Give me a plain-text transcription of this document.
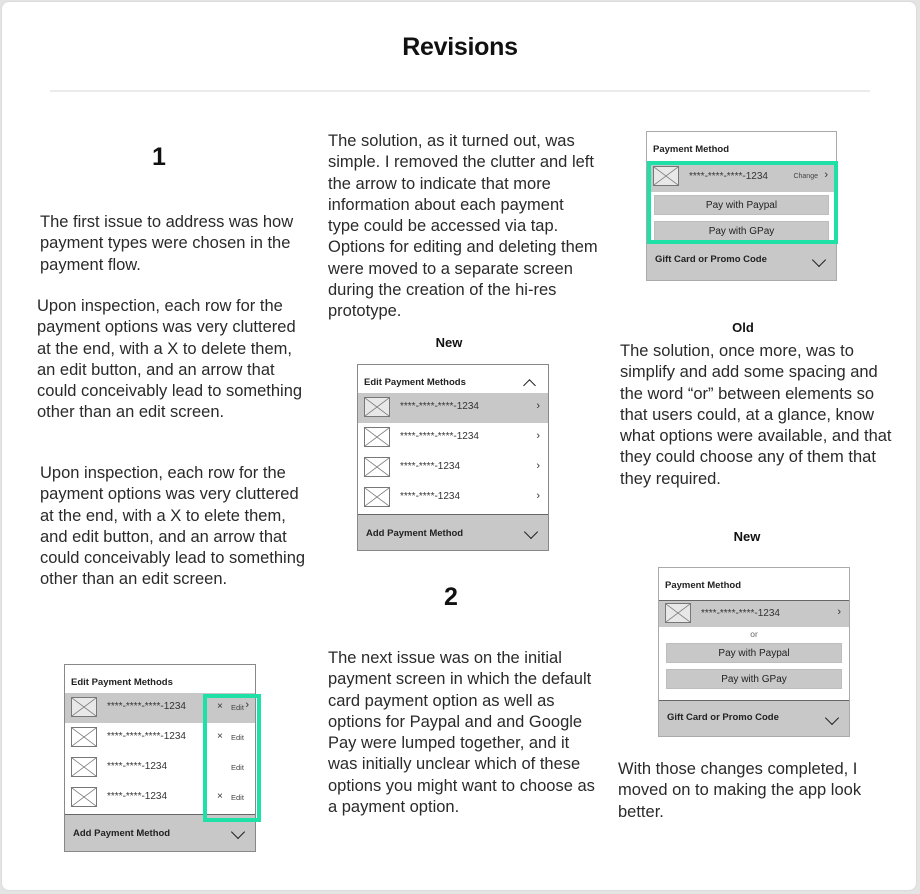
Revisions
1

The first issue to address was how payment types were chosen in the payment flow.

Upon inspection, each row for the payment options was very cluttered at the end, with a X to delete them, an edit button, and an arrow that could conceivably lead to something other than an edit screen.

Upon inspection, each row for the payment options was very cluttered at the end, with a X to elete them, and edit button, and an arrow that could conceivably lead to something other than an edit screen.

Edit Payment Methods
****-****-****-1234	× Edit ›
****-****-****-1234	× Edit
****-****-1234	Edit
****-****-1234	× Edit
Add Payment Method

The solution, as it turned out, was simple. I removed the clutter and left the arrow to indicate that more information about each payment type could be accessed via tap. Options for editing and deleting them were moved to a separate screen during the creation of the hi-res prototype.

New
Edit Payment Methods
****-****-****-1234	›
****-****-****-1234	›
****-****-1234	›
****-****-1234	›
Add Payment Method
2

The next issue was on the initial payment screen in which the default card payment option as well as options for Paypal and and Google Pay were lumped together, and it was initially unclear which of these options you might want to choose as a payment option.

Payment Method
****-****-****-1234	Change ›
Pay with Paypal
Pay with GPay
Gift Card or Promo Code
Old

The solution, once more, was to simplify and add some spacing and the word “or” between elements so that users could, at a glance, know what options were available, and that they could choose any of them that they required.

New
Payment Method
****-****-****-1234	›
or
Pay with Paypal
Pay with GPay
Gift Card or Promo Code

With those changes completed, I moved on to making the app look better.
